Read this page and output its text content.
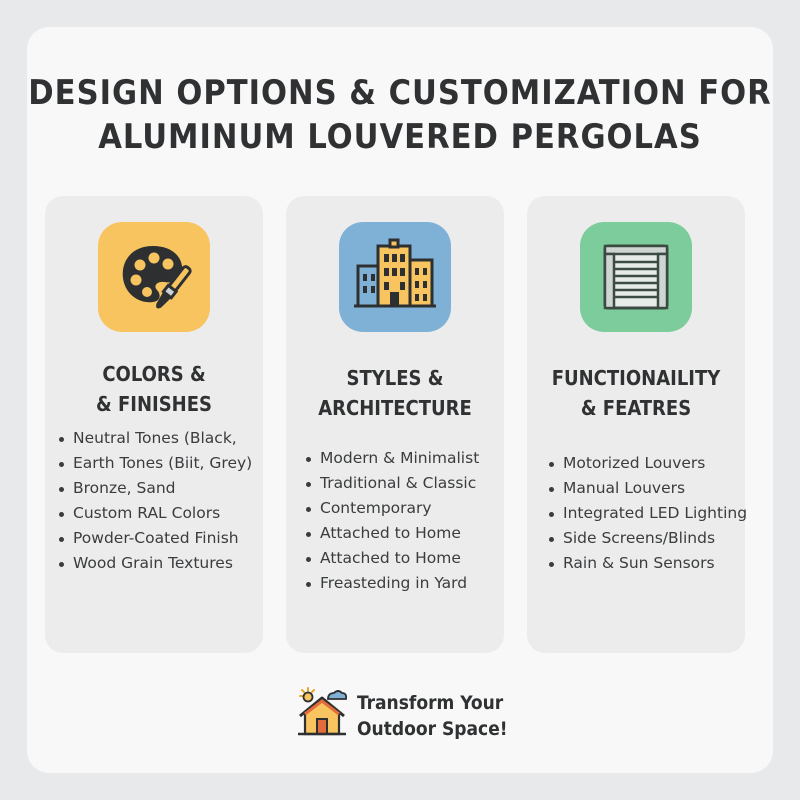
DESIGN OPTIONS & CUSTOMIZATION FOR
ALUMINUM LOUVERED PERGOLAS
COLORS &
& FINISHES
Neutral Tones (Black,
Earth Tones (Biit, Grey)
Bronze, Sand
Custom RAL Colors
Powder-Coated Finish
Wood Grain Textures
STYLES &
ARCHITECTURE
Modern & Minimalist
Traditional & Classic
Contemporary
Attached to Home
Attached to Home
Freasteding in Yard
FUNCTIONAILITY
& FEATRES
Motorized Louvers
Manual Louvers
Integrated LED Lighting
Side Screens/Blinds
Rain & Sun Sensors
Transform Your
Outdoor Space!
